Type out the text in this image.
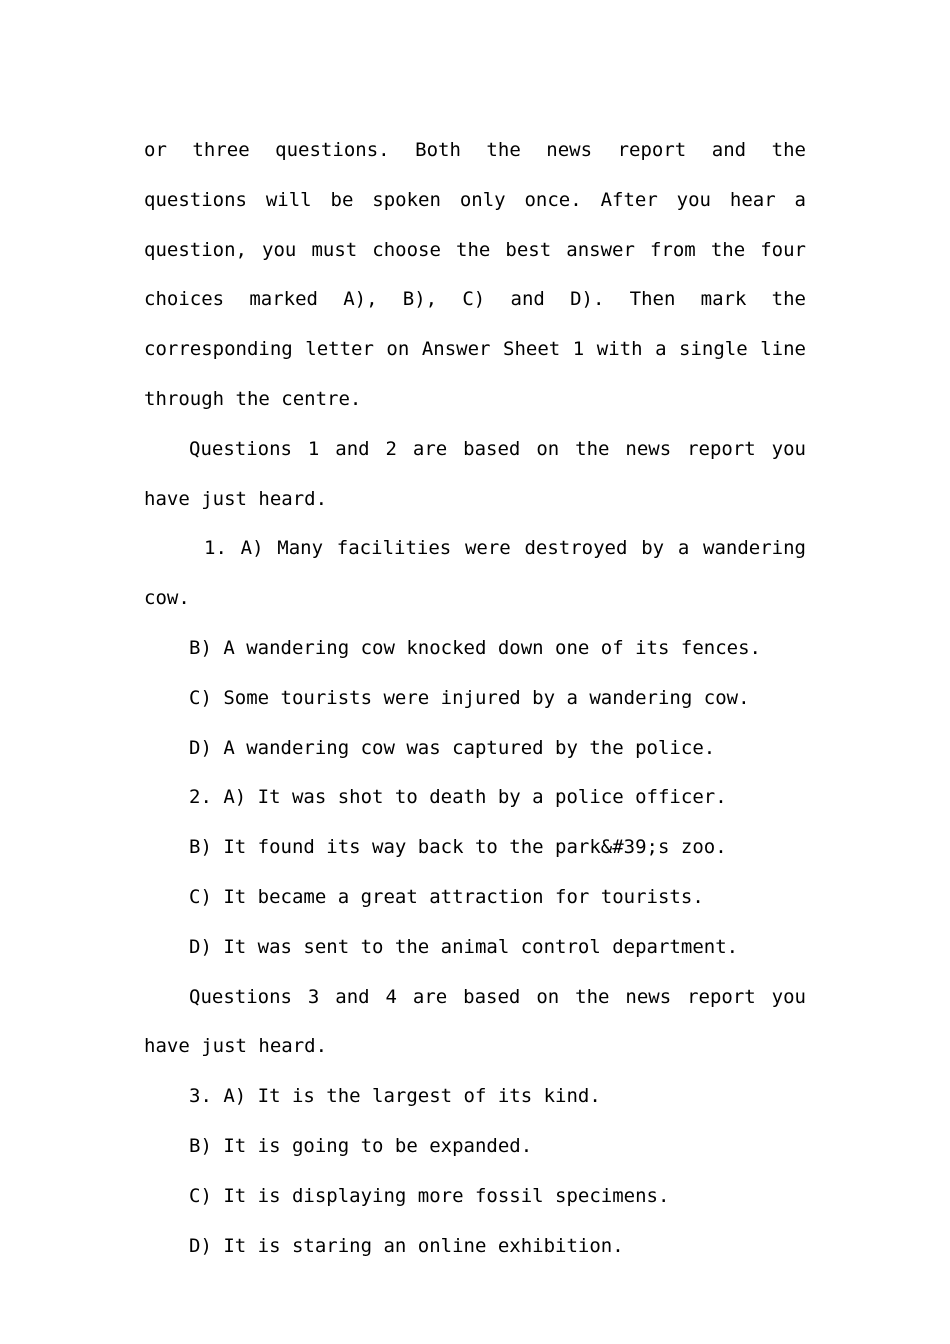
or three questions. Both the news report and the questions will be spoken only once. After you hear a question, you must choose the best answer from the four choices marked A), B), C) and D). Then mark the corresponding letter on Answer Sheet 1 with a single line through the centre.

Questions 1 and 2 are based on the news report you have just heard.

1. A) Many facilities were destroyed by a wandering cow.

B) A wandering cow knocked down one of its fences.

C) Some tourists were injured by a wandering cow.

D) A wandering cow was captured by the police.

2. A) It was shot to death by a police officer.

B) It found its way back to the park&#39;s zoo.

C) It became a great attraction for tourists.

D) It was sent to the animal control department.

Questions 3 and 4 are based on the news report you have just heard.

3. A) It is the largest of its kind.

B) It is going to be expanded.

C) It is displaying more fossil specimens.

D) It is staring an online exhibition.
